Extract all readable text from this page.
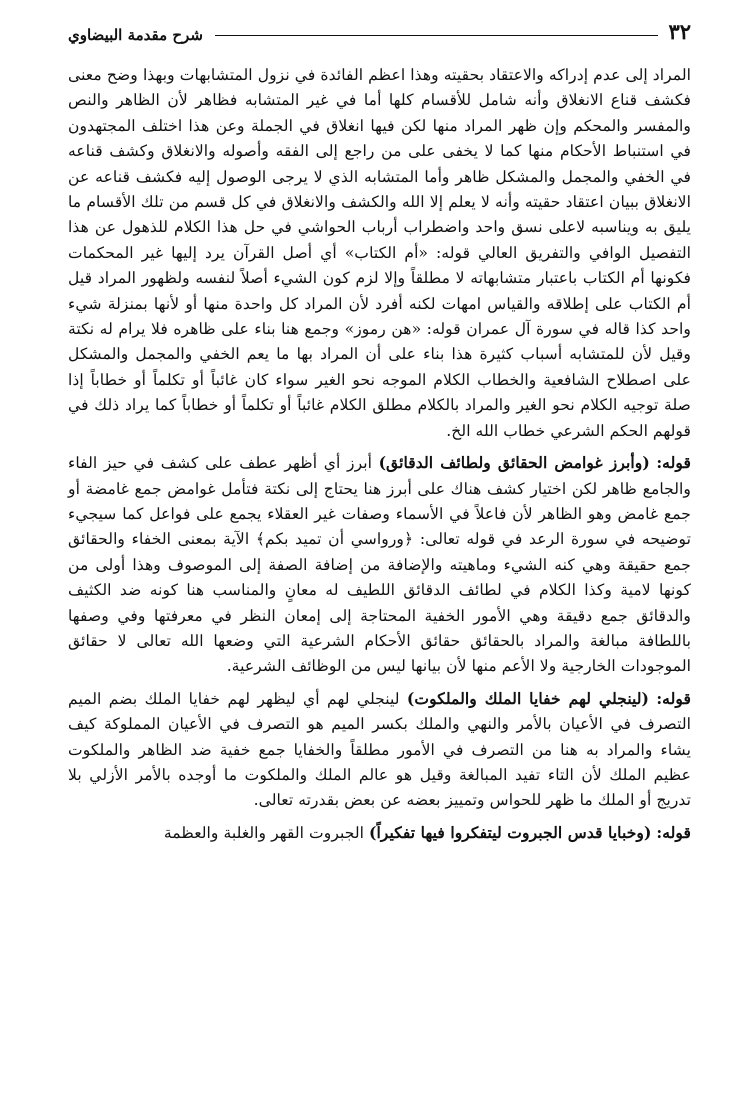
٣٢
شرح مقدمة البيضاوي

المراد إلى عدم إدراكه والاعتقاد بحقيته وهذا اعظم الفائدة في نزول المتشابهات وبهذا وضح معنى فكشف قناع الانغلاق وأنه شامل للأقسام كلها أما في غير المتشابه فظاهر لأن الظاهر والنص والمفسر والمحكم وإن ظهر المراد منها لكن فيها انغلاق في الجملة وعن هذا اختلف المجتهدون في استنباط الأحكام منها كما لا يخفى على من راجع إلى الفقه وأصوله والانغلاق وكشف قناعه في الخفي والمجمل والمشكل ظاهر وأما المتشابه الذي لا يرجى الوصول إليه فكشف قناعه عن الانغلاق ببيان اعتقاد حقيته وأنه لا يعلم إلا الله والكشف والانغلاق في كل قسم من تلك الأقسام ما يليق به ويناسبه لاعلى نسق واحد واضطراب أرباب الحواشي في حل هذا الكلام للذهول عن هذا التفصيل الوافي والتفريق العالي قوله: «أم الكتاب» أي أصل القرآن يرد إليها غير المحكمات فكونها أم الكتاب باعتبار متشابهاته لا مطلقاً وإلا لزم كون الشيء أصلاً لنفسه ولظهور المراد قيل أم الكتاب على إطلاقه والقياس امهات لكنه أفرد لأن المراد كل واحدة منها أو لأنها بمنزلة شيء واحد كذا قاله في سورة آل عمران قوله: «هن رموز» وجمع هنا بناء على ظاهره فلا يرام له نكتة وقيل لأن للمتشابه أسباب كثيرة هذا بناء على أن المراد بها ما يعم الخفي والمجمل والمشكل على اصطلاح الشافعية والخطاب الكلام الموجه نحو الغير سواء كان غائباً أو تكلماً أو خطاباً إذا صلة توجيه الكلام نحو الغير والمراد بالكلام مطلق الكلام غائباً أو تكلماً أو خطاباً كما يراد ذلك في قولهم الحكم الشرعي خطاب الله الخ.

قوله: (وأبرز غوامض الحقائق ولطائف الدقائق) أبرز أي أظهر عطف على كشف في حيز الفاء والجامع ظاهر لكن اختيار كشف هناك على أبرز هنا يحتاج إلى نكتة فتأمل غوامض جمع غامضة أو جمع غامض وهو الظاهر لأن فاعلاً في الأسماء وصفات غير العقلاء يجمع على فواعل كما سيجيء توضيحه في سورة الرعد في قوله تعالى: ﴿ورواسي أن تميد بكم﴾ الآية بمعنى الخفاء والحقائق جمع حقيقة وهي كنه الشيء وماهيته والإضافة من إضافة الصفة إلى الموصوف وهذا أولى من كونها لامية وكذا الكلام في لطائف الدقائق اللطيف له معانٍ والمناسب هنا كونه ضد الكثيف والدقائق جمع دقيقة وهي الأمور الخفية المحتاجة إلى إمعان النظر في معرفتها وفي وصفها باللطافة مبالغة والمراد بالحقائق حقائق الأحكام الشرعية التي وضعها الله تعالى لا حقائق الموجودات الخارجية ولا الأعم منها لأن بيانها ليس من الوظائف الشرعية.

قوله: (لينجلي لهم خفايا الملك والملكوت) لينجلي لهم أي ليظهر لهم خفايا الملك بضم الميم التصرف في الأعيان بالأمر والنهي والملك بكسر الميم هو التصرف في الأعيان المملوكة كيف يشاء والمراد به هنا من التصرف في الأمور مطلقاً والخفايا جمع خفية ضد الظاهر والملكوت عظيم الملك لأن التاء تفيد المبالغة وقيل هو عالم الملك والملكوت ما أوجده بالأمر الأزلي بلا تدريج أو الملك ما ظهر للحواس وتمييز بعضه عن بعض بقدرته تعالى.

قوله: (وخبايا قدس الجبروت ليتفكروا فيها تفكيراً) الجبروت القهر والغلبة والعظمة
